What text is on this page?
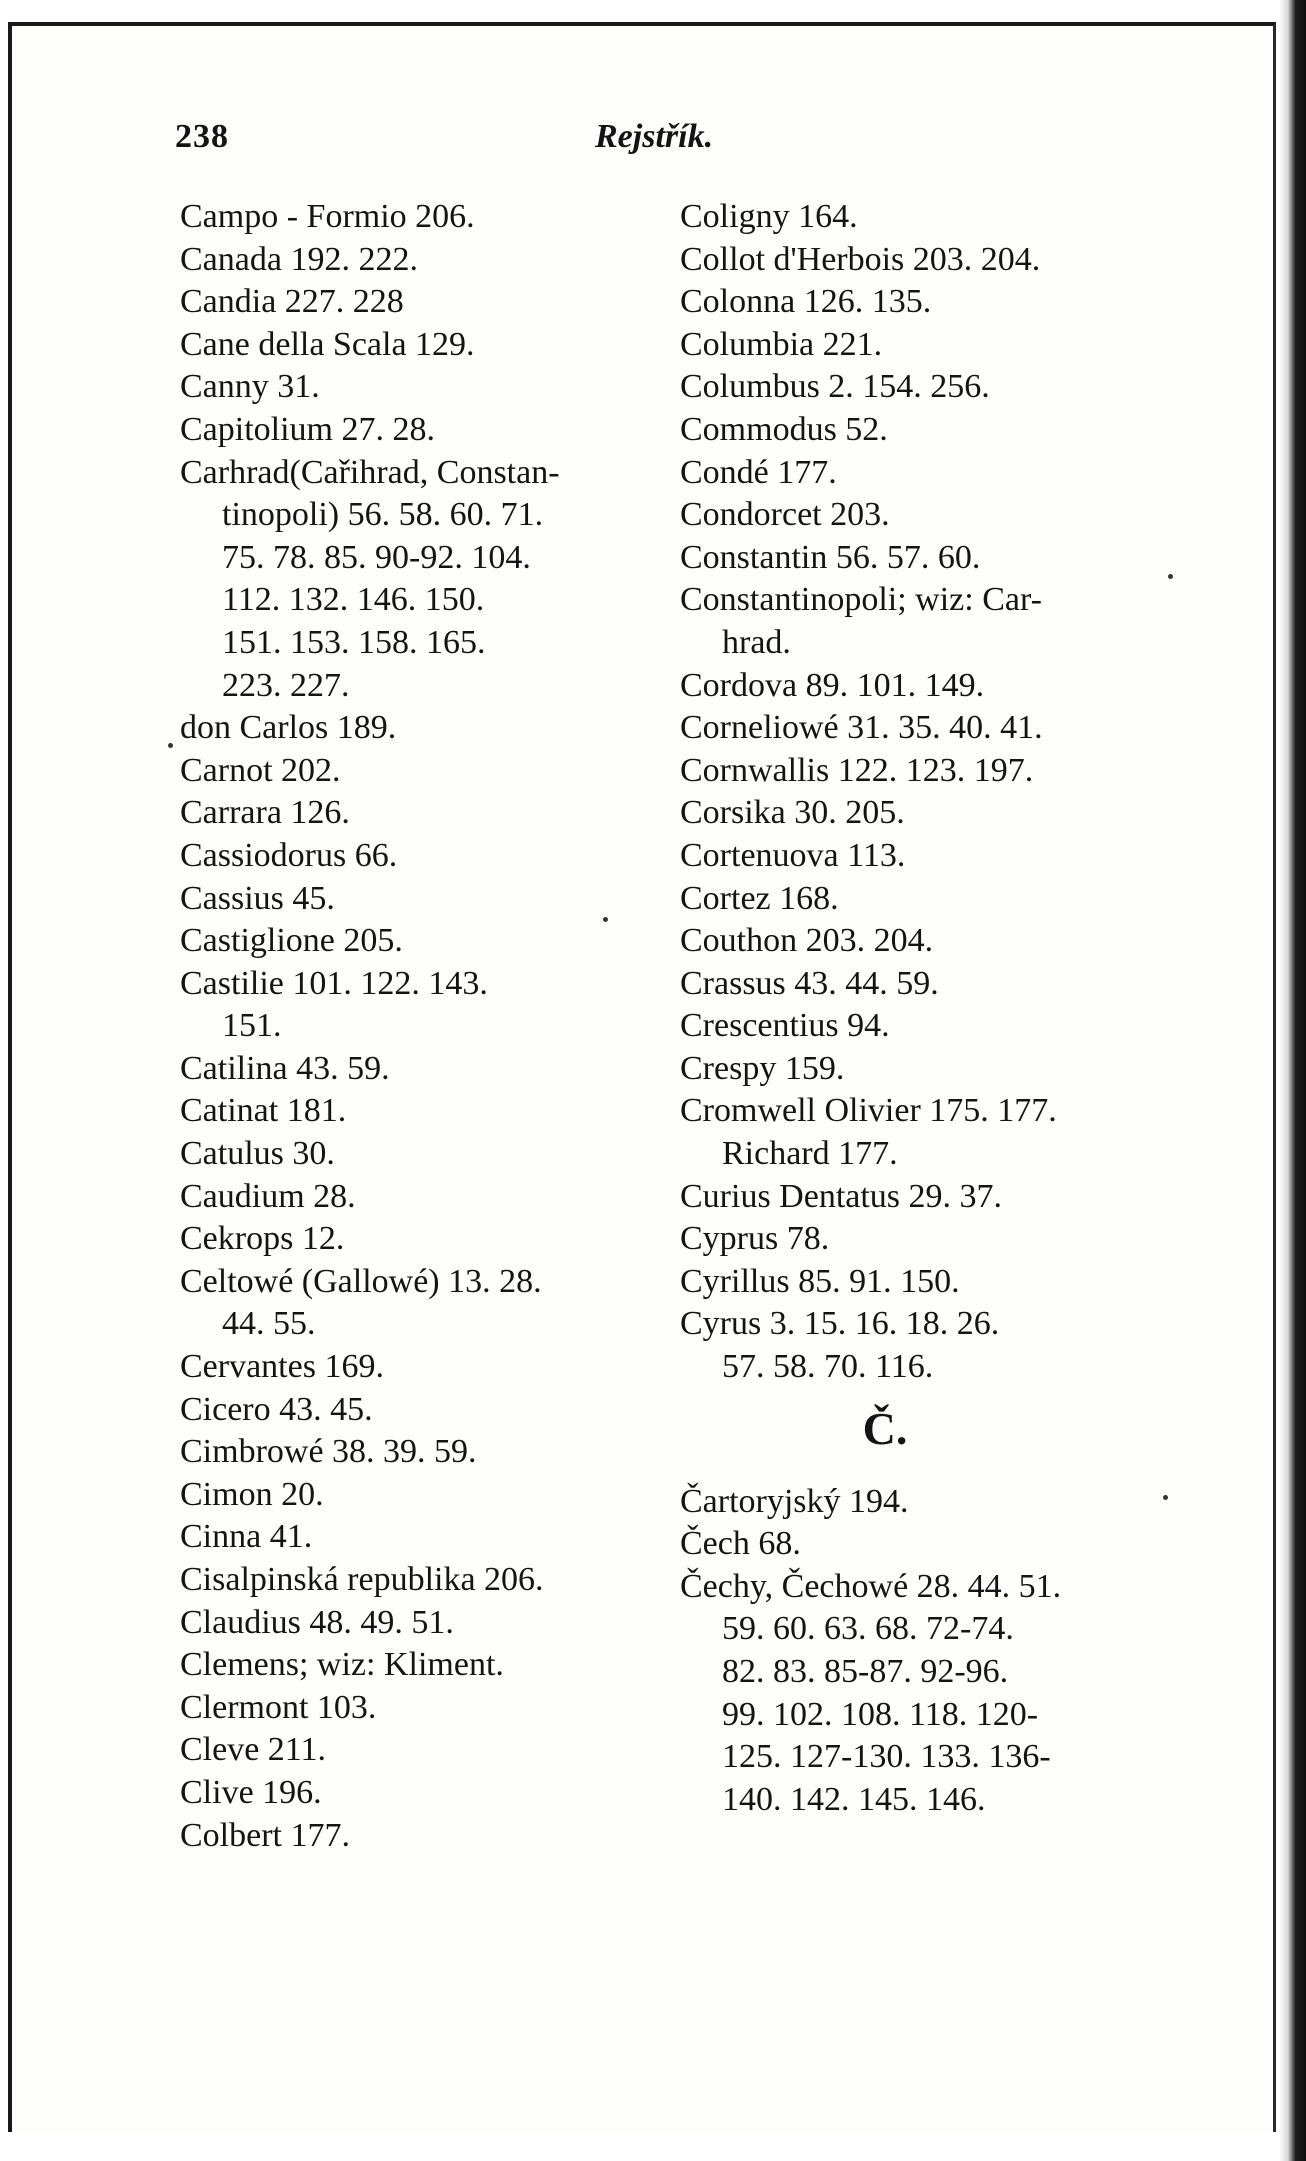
238	Rejstřík.
Campo - Formio 206.
Canada 192. 222.
Candia 227. 228
Cane della Scala 129.
Canny 31.
Capitolium 27. 28.
Carhrad(Cařihrad, Constan-
tinopoli) 56. 58. 60. 71.
75. 78. 85. 90-92. 104.
112. 132. 146. 150.
151. 153. 158. 165.
223. 227.
don Carlos 189.
Carnot 202.
Carrara 126.
Cassiodorus 66.
Cassius 45.
Castiglione 205.
Castilie 101. 122. 143.
151.
Catilina 43. 59.
Catinat 181.
Catulus 30.
Caudium 28.
Cekrops 12.
Celtowé (Gallowé) 13. 28.
44. 55.
Cervantes 169.
Cicero 43. 45.
Cimbrowé 38. 39. 59.
Cimon 20.
Cinna 41.
Cisalpinská republika 206.
Claudius 48. 49. 51.
Clemens; wiz: Kliment.
Clermont 103.
Cleve 211.
Clive 196.
Colbert 177.
Coligny 164.
Collot d'Herbois 203. 204.
Colonna 126. 135.
Columbia 221.
Columbus 2. 154. 256.
Commodus 52.
Condé 177.
Condorcet 203.
Constantin 56. 57. 60.
Constantinopoli; wiz: Car-
hrad.
Cordova 89. 101. 149.
Corneliowé 31. 35. 40. 41.
Cornwallis 122. 123. 197.
Corsika 30. 205.
Cortenuova 113.
Cortez 168.
Couthon 203. 204.
Crassus 43. 44. 59.
Crescentius 94.
Crespy 159.
Cromwell Olivier 175. 177.
Richard 177.
Curius Dentatus 29. 37.
Cyprus 78.
Cyrillus 85. 91. 150.
Cyrus 3. 15. 16. 18. 26.
57. 58. 70. 116.
Č.
Čartoryjský 194.
Čech 68.
Čechy, Čechowé 28. 44. 51.
59. 60. 63. 68. 72-74.
82. 83. 85-87. 92-96.
99. 102. 108. 118. 120-
125. 127-130. 133. 136-
140. 142. 145. 146.
